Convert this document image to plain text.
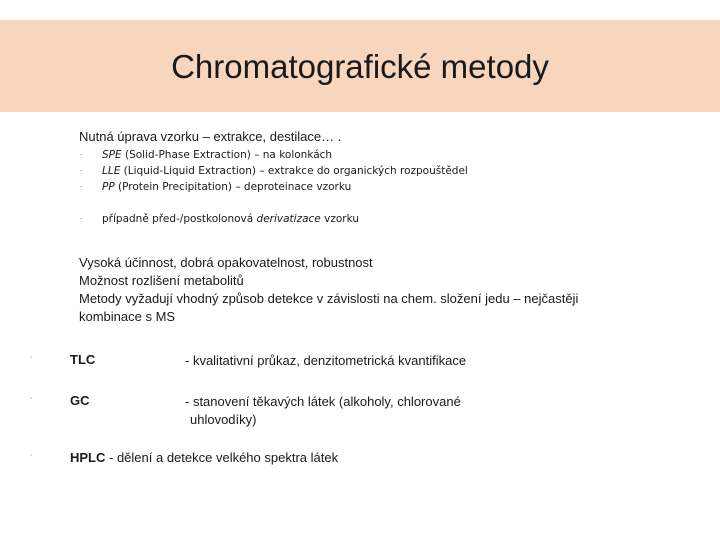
Chromatografické metody
Nutná úprava vzorku – extrakce, destilace… .
· SPE (Solid-Phase Extraction) – na kolonkách
· LLE (Liquid-Liquid Extraction) – extrakce do organických rozpouštědel
· PP (Protein Precipitation) – deproteinace vzorku
· případně před-/postkolonová derivatizace vzorku
Vysoká účinnost, dobrá opakovatelnost, robustnost
Možnost rozlišení metabolitů
Metody vyžadují vhodný způsob detekce v závislosti na chem. složení jedu – nejčastěji
kombinace s MS
·	TLC	- kvalitativní průkaz, denzitometrická kvantifikace
·	GC	- stanovení těkavých látek (alkoholy, chlorované
uhlovodíky)
·	HPLC - dělení a detekce velkého spektra látek
